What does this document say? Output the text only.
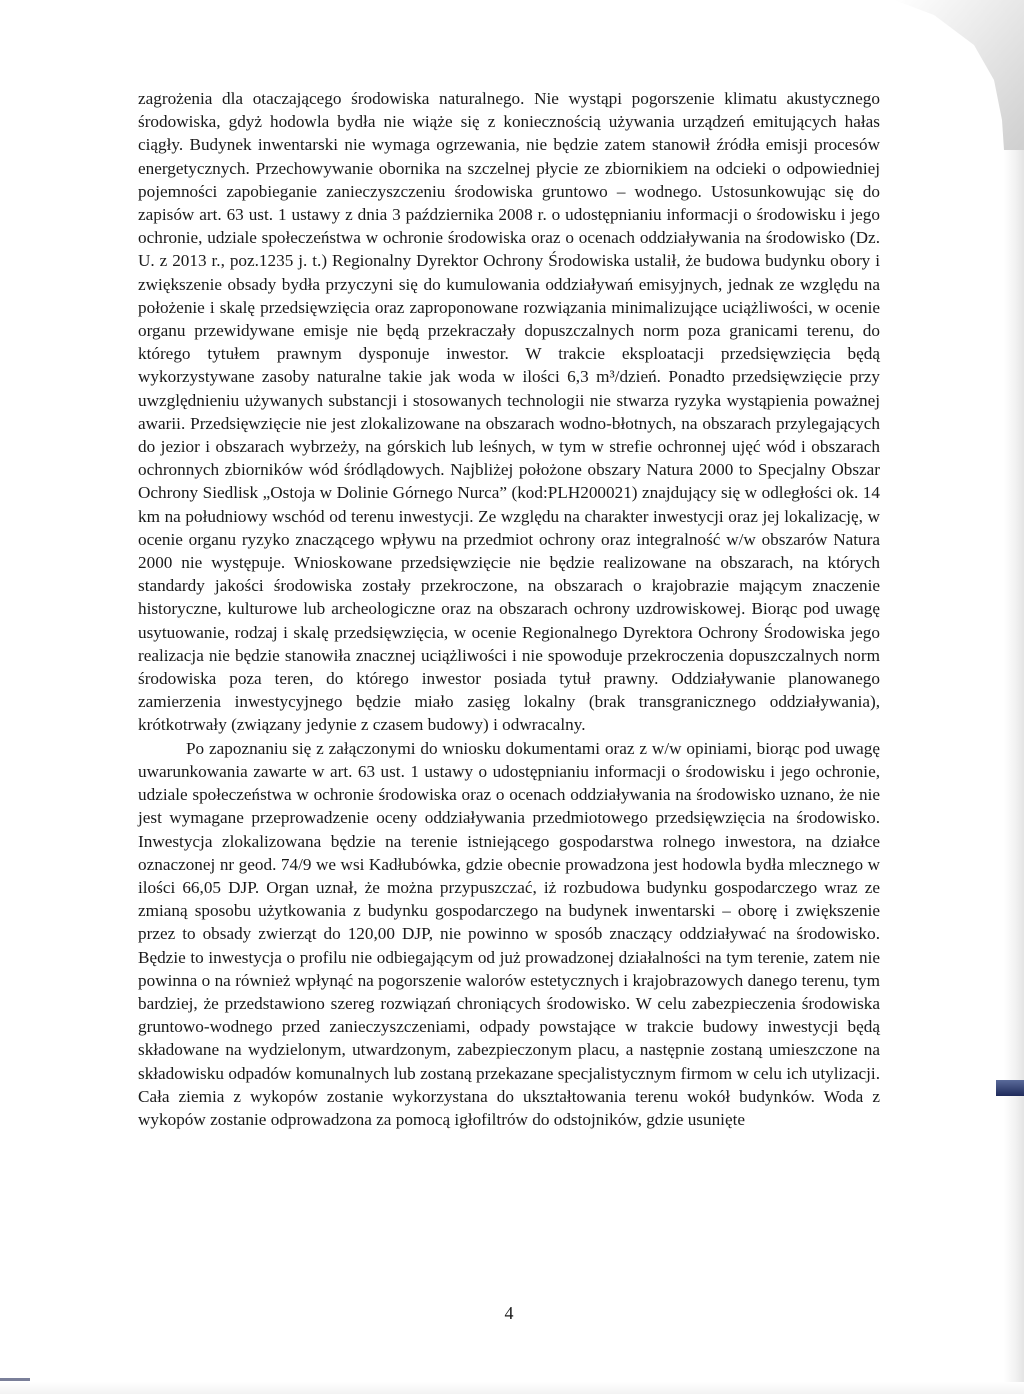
zagrożenia dla otaczającego środowiska naturalnego. Nie wystąpi pogorszenie klimatu akustycznego środowiska, gdyż hodowla bydła nie wiąże się z koniecznością używania urządzeń emitujących hałas ciągły. Budynek inwentarski nie wymaga ogrzewania, nie będzie zatem stanowił źródła emisji procesów energetycznych. Przechowywanie obornika na szczelnej płycie ze zbiornikiem na odcieki o odpowiedniej pojemności zapobieganie zanieczyszczeniu środowiska gruntowo – wodnego. Ustosunkowując się do zapisów art. 63 ust. 1 ustawy z dnia 3 października 2008 r. o udostępnianiu informacji o środowisku i jego ochronie, udziale społeczeństwa w ochronie środowiska oraz o ocenach oddziaływania na środowisko (Dz. U. z 2013 r., poz.1235 j. t.) Regionalny Dyrektor Ochrony Środowiska ustalił, że budowa budynku obory i zwiększenie obsady bydła przyczyni się do kumulowania oddziaływań emisyjnych, jednak ze względu na położenie i skalę przedsięwzięcia oraz zaproponowane rozwiązania minimalizujące uciążliwości, w ocenie organu przewidywane emisje nie będą przekraczały dopuszczalnych norm poza granicami terenu, do którego tytułem prawnym dysponuje inwestor. W trakcie eksploatacji przedsięwzięcia będą wykorzystywane zasoby naturalne takie jak woda w ilości 6,3 m³/dzień. Ponadto przedsięwzięcie przy uwzględnieniu używanych substancji i stosowanych technologii nie stwarza ryzyka wystąpienia poważnej awarii. Przedsięwzięcie nie jest zlokalizowane na obszarach wodno-błotnych, na obszarach przylegających do jezior i obszarach wybrzeży, na górskich lub leśnych, w tym w strefie ochronnej ujęć wód i obszarach ochronnych zbiorników wód śródlądowych. Najbliżej położone obszary Natura 2000 to Specjalny Obszar Ochrony Siedlisk „Ostoja w Dolinie Górnego Nurca” (kod:PLH200021) znajdujący się w odległości ok. 14 km na południowy wschód od terenu inwestycji. Ze względu na charakter inwestycji oraz jej lokalizację, w ocenie organu ryzyko znaczącego wpływu na przedmiot ochrony oraz integralność w/w obszarów Natura 2000 nie występuje. Wnioskowane przedsięwzięcie nie będzie realizowane na obszarach, na których standardy jakości środowiska zostały przekroczone, na obszarach o krajobrazie mającym znaczenie historyczne, kulturowe lub archeologiczne oraz na obszarach ochrony uzdrowiskowej. Biorąc pod uwagę usytuowanie, rodzaj i skalę przedsięwzięcia, w ocenie Regionalnego Dyrektora Ochrony Środowiska jego realizacja nie będzie stanowiła znacznej uciążliwości i nie spowoduje przekroczenia dopuszczalnych norm środowiska poza teren, do którego inwestor posiada tytuł prawny. Oddziaływanie planowanego zamierzenia inwestycyjnego będzie miało zasięg lokalny (brak transgranicznego oddziaływania), krótkotrwały (związany jedynie z czasem budowy) i odwracalny.

Po zapoznaniu się z załączonymi do wniosku dokumentami oraz z w/w opiniami, biorąc pod uwagę uwarunkowania zawarte w art. 63 ust. 1 ustawy o udostępnianiu informacji o środowisku i jego ochronie, udziale społeczeństwa w ochronie środowiska oraz o ocenach oddziaływania na środowisko uznano, że nie jest wymagane przeprowadzenie oceny oddziaływania przedmiotowego przedsięwzięcia na środowisko. Inwestycja zlokalizowana będzie na terenie istniejącego gospodarstwa rolnego inwestora, na działce oznaczonej nr geod. 74/9 we wsi Kadłubówka, gdzie obecnie prowadzona jest hodowla bydła mlecznego w ilości 66,05 DJP. Organ uznał, że można przypuszczać, iż rozbudowa budynku gospodarczego wraz ze zmianą sposobu użytkowania z budynku gospodarczego na budynek inwentarski – oborę i zwiększenie przez to obsady zwierząt do 120,00 DJP, nie powinno w sposób znaczący oddziaływać na środowisko. Będzie to inwestycja o profilu nie odbiegającym od już prowadzonej działalności na tym terenie, zatem nie powinna o na również wpłynąć na pogorszenie walorów estetycznych i krajobrazowych danego terenu, tym bardziej, że przedstawiono szereg rozwiązań chroniących środowisko. W celu zabezpieczenia środowiska gruntowo-wodnego przed zanieczyszczeniami, odpady powstające w trakcie budowy inwestycji będą składowane na wydzielonym, utwardzonym, zabezpieczonym placu, a następnie zostaną umieszczone na składowisku odpadów komunalnych lub zostaną przekazane specjalistycznym firmom w celu ich utylizacji. Cała ziemia z wykopów zostanie wykorzystana do ukształtowania terenu wokół budynków. Woda z wykopów zostanie odprowadzona za pomocą igłofiltrów do odstojników, gdzie usunięte

4
